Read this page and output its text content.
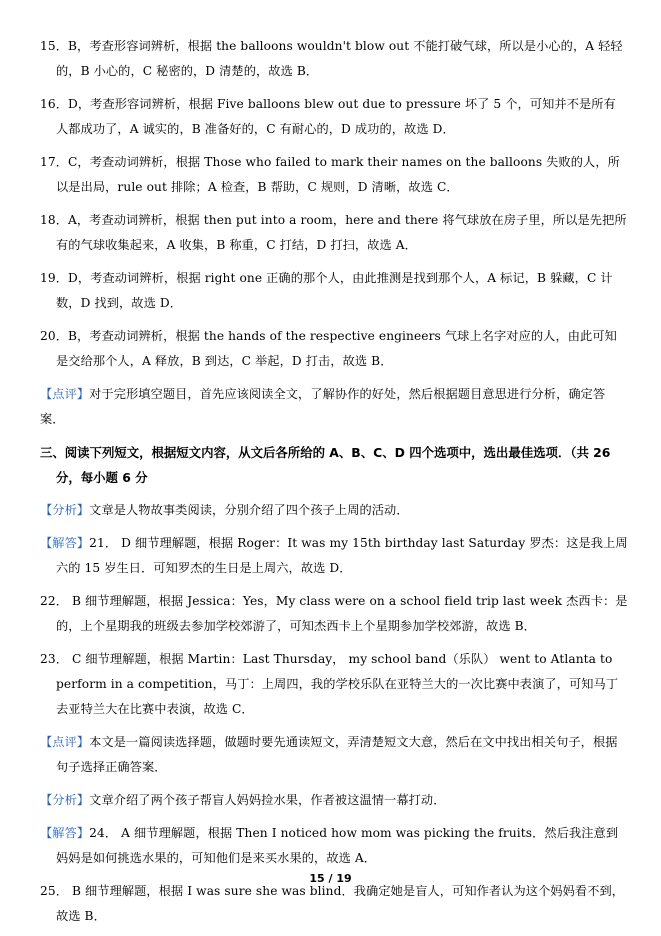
15．B，考查形容词辨析，根据 the balloons wouldn't blow out 不能打破气球，所以是小心的，A 轻轻的，B 小心的，C 秘密的，D 清楚的，故选 B．

16．D，考查形容词辨析，根据 Five balloons blew out due to pressure 坏了 5 个，可知并不是所有人都成功了，A 诚实的，B 准备好的，C 有耐心的，D 成功的，故选 D．

17．C，考查动词辨析，根据 Those who failed to mark their names on the balloons 失败的人，所以是出局，rule out 排除；A 检查，B 帮助，C 规则，D 清晰，故选 C．

18．A，考查动词辨析，根据 then put into a room，here and there 将气球放在房子里，所以是先把所有的气球收集起来，A 收集，B 称重，C 打结，D 打扫，故选 A．

19．D，考查动词辨析，根据 right one 正确的那个人，由此推测是找到那个人，A 标记，B 躲藏，C 计数，D 找到，故选 D．

20．B，考查动词辨析，根据 the hands of the respective engineers 气球上名字对应的人，由此可知是交给那个人，A 释放，B 到达，C 举起，D 打击，故选 B．

【点评】对于完形填空题目，首先应该阅读全文，了解协作的好处，然后根据题目意思进行分析，确定答案．

三、阅读下列短文，根据短文内容，从文后各所给的 A、B、C、D 四个选项中，选出最佳选项．（共 26 分，每小题 6 分

【分析】文章是人物故事类阅读，分别介绍了四个孩子上周的活动．

【解答】21． D 细节理解题，根据 Roger：It was my 15th birthday last Saturday 罗杰：这是我上周六的 15 岁生日．可知罗杰的生日是上周六，故选 D．

22． B 细节理解题，根据 Jessica：Yes，My class were on a school field trip last week 杰西卡：是的，上个星期我的班级去参加学校郊游了，可知杰西卡上个星期参加学校郊游，故选 B．

23． C 细节理解题，根据 Martin：Last Thursday， my school band（乐队） went to Atlanta to perform in a competition，马丁：上周四，我的学校乐队在亚特兰大的一次比赛中表演了，可知马丁去亚特兰大在比赛中表演，故选 C．

【点评】本文是一篇阅读选择题，做题时要先通读短文，弄清楚短文大意，然后在文中找出相关句子，根据句子选择正确答案．

【分析】文章介绍了两个孩子帮盲人妈妈捡水果，作者被这温情一幕打动．

【解答】24． A 细节理解题，根据 Then I noticed how mom was picking the fruits．然后我注意到妈妈是如何挑选水果的，可知他们是来买水果的，故选 A．

25． B 细节理解题，根据 I was sure she was blind．我确定她是盲人，可知作者认为这个妈妈看不到，故选 B．

15 / 19
